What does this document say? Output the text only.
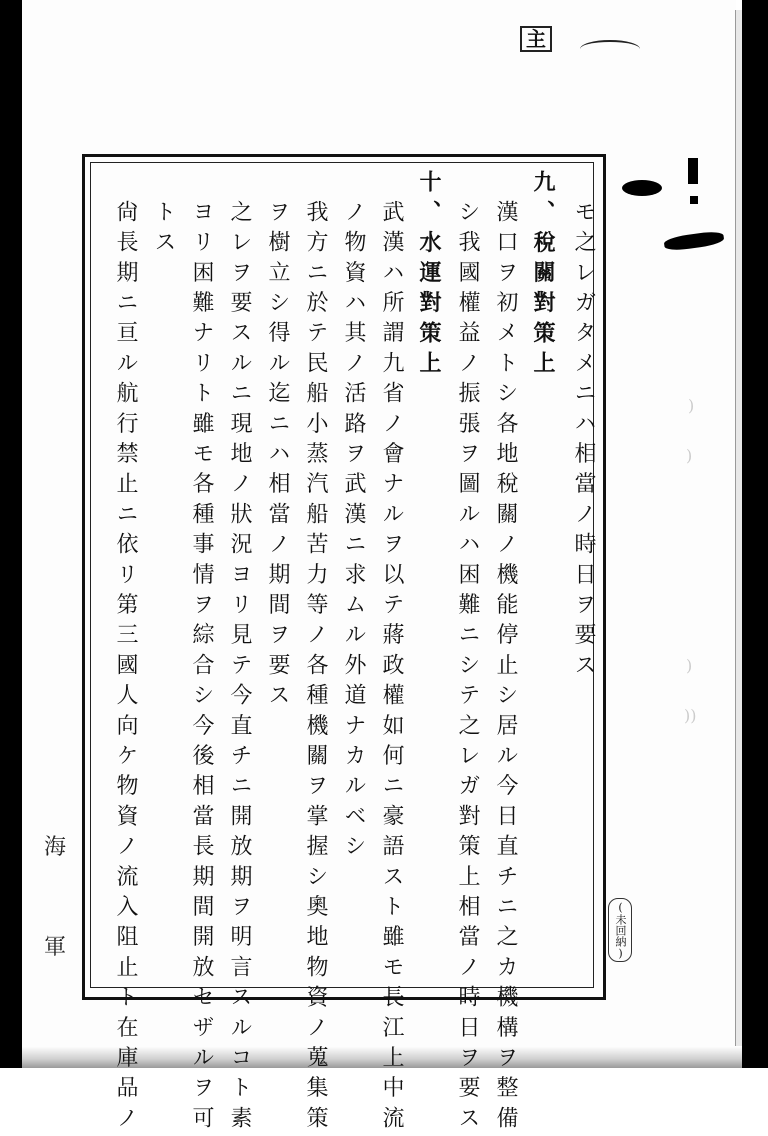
主
)
)
)
))
モ之レガタメニハ相當ノ時日ヲ要ス
九、稅關對策上
漢口ヲ初メトシ各地稅關ノ機能停止シ居ル今日直チニ之カ機構ヲ整備
シ我國權益ノ振張ヲ圖ルハ困難ニシテ之レガ對策上相當ノ時日ヲ要ス
十、水運對策上
武漢ハ所謂九省ノ會ナルヲ以テ蔣政權如何ニ豪語スト雖モ長江上中流
ノ物資ハ其ノ活路ヲ武漢ニ求ムル外道ナカルベシ
我方ニ於テ民船小蒸汽船苦力等ノ各種機關ヲ掌握シ奧地物資ノ蒐集策
ヲ樹立シ得ル迄ニハ相當ノ期間ヲ要ス
之レヲ要スルニ現地ノ狀況ヨリ見テ今直チニ開放期ヲ明言スルコト素
ヨリ困難ナリト雖モ各種事情ヲ綜合シ今後相當長期間開放セザルヲ可
トス
尙長期ニ亘ル航行禁止ニ依リ第三國人向ケ物資ノ流入阻止ト在庫品ノ
海
軍	(未回納)
